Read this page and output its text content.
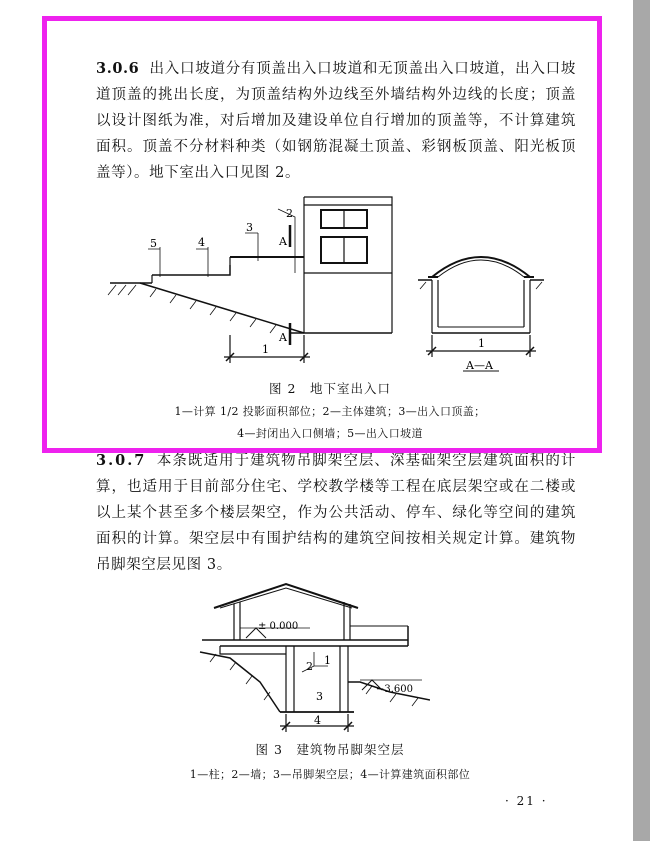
3.0.6 出入口坡道分有顶盖出入口坡道和无顶盖出入口坡道，出入口坡道顶盖的挑出长度，为顶盖结构外边线至外墙结构外边线的长度；顶盖以设计图纸为准，对后增加及建设单位自行增加的顶盖等，不计算建筑面积。顶盖不分材料种类（如钢筋混凝土顶盖、彩钢板顶盖、阳光板顶盖等）。地下室出入口见图 2。

2
3
4
5	A
A
1	1
A—A

图 2　地下室出入口

1—计算 1/2 投影面积部位；2—主体建筑；3—出入口顶盖；

4—封闭出入口侧墙；5—出入口坡道

3.0.7 本条既适用于建筑物吊脚架空层、深基础架空层建筑面积的计算，也适用于目前部分住宅、学校教学楼等工程在底层架空或在二楼或以上某个甚至多个楼层架空，作为公共活动、停车、绿化等空间的建筑面积的计算。架空层中有围护结构的建筑空间按相关规定计算。建筑物吊脚架空层见图 3。

± 0.000
−3.600
1
2
3
4

图 3　建筑物吊脚架空层

1—柱；2—墙；3—吊脚架空层；4—计算建筑面积部位

· 21 ·
